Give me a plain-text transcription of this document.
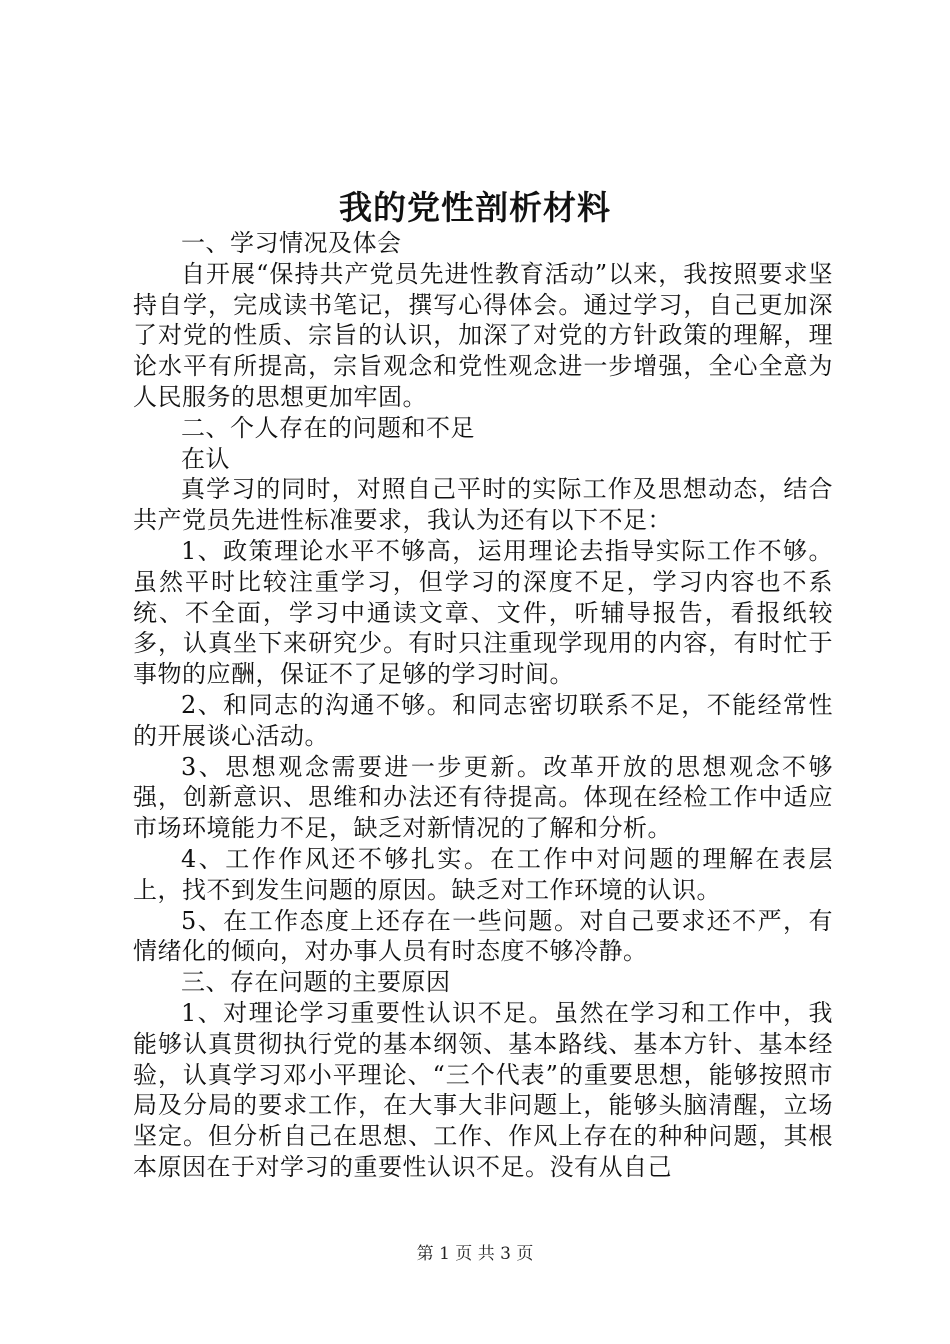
我的党性剖析材料

一、学习情况及体会

自开展“保持共产党员先进性教育活动”以来，我按照要求坚持自学，完成读书笔记，撰写心得体会。通过学习，自己更加深了对党的性质、宗旨的认识，加深了对党的方针政策的理解，理论水平有所提高，宗旨观念和党性观念进一步增强，全心全意为人民服务的思想更加牢固。

二、个人存在的问题和不足

在认

真学习的同时，对照自己平时的实际工作及思想动态，结合共产党员先进性标准要求，我认为还有以下不足：

1、政策理论水平不够高，运用理论去指导实际工作不够。虽然平时比较注重学习，但学习的深度不足，学习内容也不系统、不全面，学习中通读文章、文件，听辅导报告，看报纸较多，认真坐下来研究少。有时只注重现学现用的内容，有时忙于事物的应酬，保证不了足够的学习时间。

2、和同志的沟通不够。和同志密切联系不足，不能经常性的开展谈心活动。

3、思想观念需要进一步更新。改革开放的思想观念不够强，创新意识、思维和办法还有待提高。体现在经检工作中适应市场环境能力不足，缺乏对新情况的了解和分析。

4、工作作风还不够扎实。在工作中对问题的理解在表层上，找不到发生问题的原因。缺乏对工作环境的认识。

5、在工作态度上还存在一些问题。对自己要求还不严，有情绪化的倾向，对办事人员有时态度不够冷静。

三、存在问题的主要原因

1、对理论学习重要性认识不足。虽然在学习和工作中，我能够认真贯彻执行党的基本纲领、基本路线、基本方针、基本经验，认真学习邓小平理论、“三个代表”的重要思想，能够按照市局及分局的要求工作，在大事大非问题上，能够头脑清醒，立场坚定。但分析自己在思想、工作、作风上存在的种种问题，其根本原因在于对学习的重要性认识不足。没有从自己

第 1 页 共 3 页
